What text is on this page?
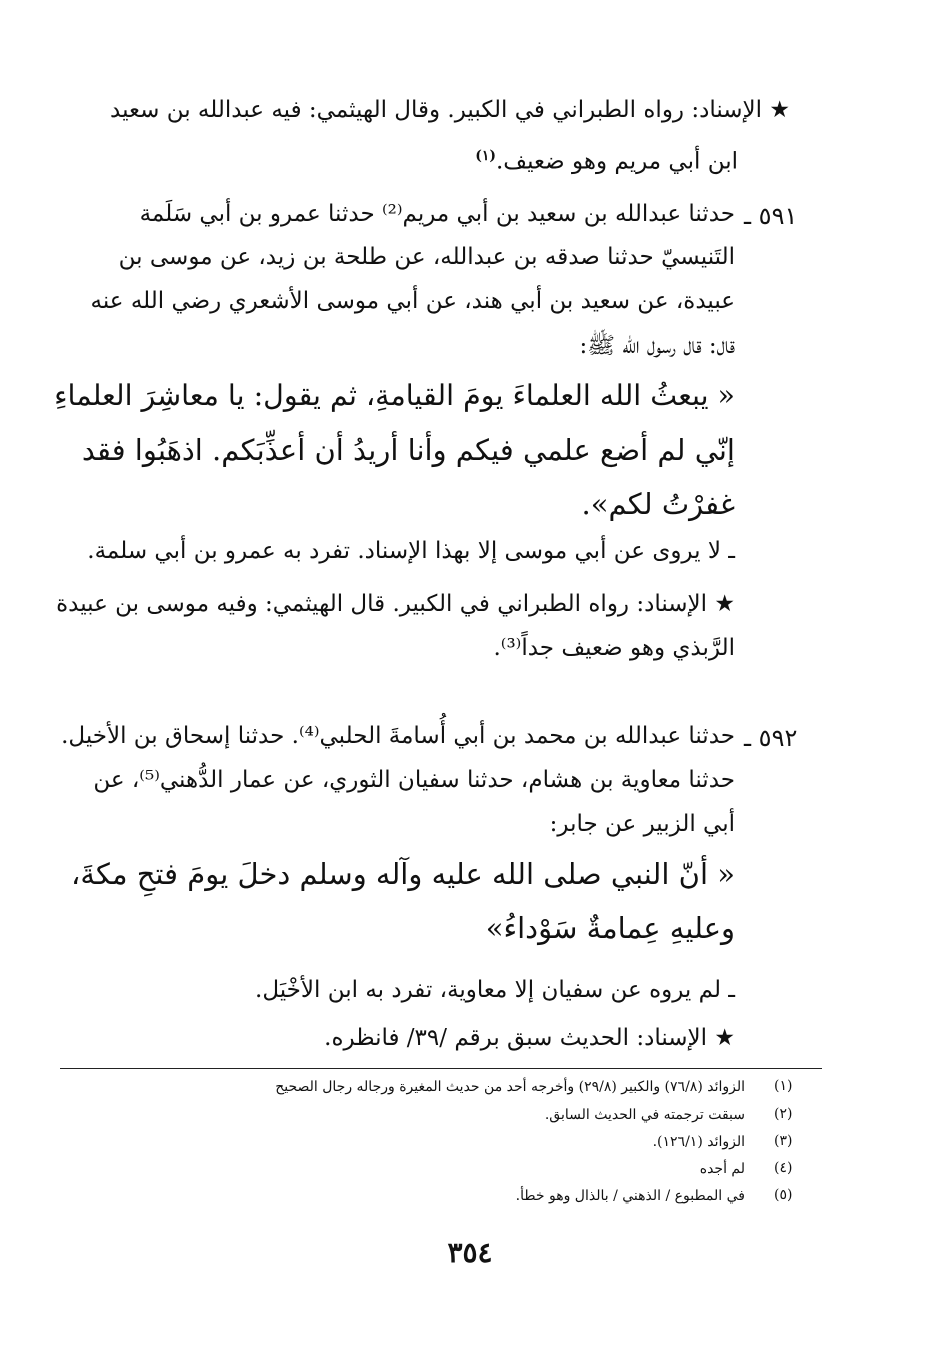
★ الإسناد: رواه الطبراني في الكبير. وقال الهيثمي: فيه عبدالله بن سعيد
ابن أبي مريم وهو ضعيف.$^{(١)}$
٥٩١ ـ
حدثنا عبدالله بن سعيد بن أبي مريم⁽²⁾ حدثنا عمرو بن أبي سَلَمة
التَنيسيّ حدثنا صدقه بن عبدالله، عن طلحة بن زيد، عن موسى بن
عبيدة، عن سعيد بن أبي هند، عن أبي موسى الأشعري رضي الله عنه
قال: قال رسول الله ﷺ:
« يبعثُ الله العلماءَ يومَ القيامةِ، ثم يقول: يا معاشِرَ العلماءِ
إنّي لم أضع علمي فيكم وأنا أريدُ أن أعذِّبَكم. اذهَبُوا فقد
غفرْتُ لكم».
ـ لا يروى عن أبي موسى إلا بهذا الإسناد. تفرد به عمرو بن أبي سلمة.
★ الإسناد: رواه الطبراني في الكبير. قال الهيثمي: وفيه موسى بن عبيدة
الرَّبذي وهو ضعيف جداً⁽³⁾.
٥٩٢ ـ
حدثنا عبدالله بن محمد بن أبي أُسامةَ الحلبي⁽⁴⁾. حدثنا إسحاق بن الأخيل.
حدثنا معاوية بن هشام، حدثنا سفيان الثوري، عن عمار الدُّهني⁽⁵⁾، عن
أبي الزبير عن جابر:
« أنّ النبي صلى الله عليه وآله وسلم دخلَ يومَ فتحِ مكةَ،
وعليهِ عِمامةٌ سَوْداءُ»
ـ لم يروه عن سفيان إلا معاوية، تفرد به ابن الأخْيَل.
★ الإسناد: الحديث سبق برقم /٣٩/ فانظره.
(١)
الزوائد (٧٦/٨) والكبير (٢٩/٨) وأخرجه أحد من حديث المغيرة ورجاله رجال الصحيح
(٢)
سبقت ترجمته في الحديث السابق.
(٣)
الزوائد (١٢٦/١).
(٤)
لم أجده
(٥)
في المطبوع / الذهني / بالذال وهو خطأ.
٣٥٤
